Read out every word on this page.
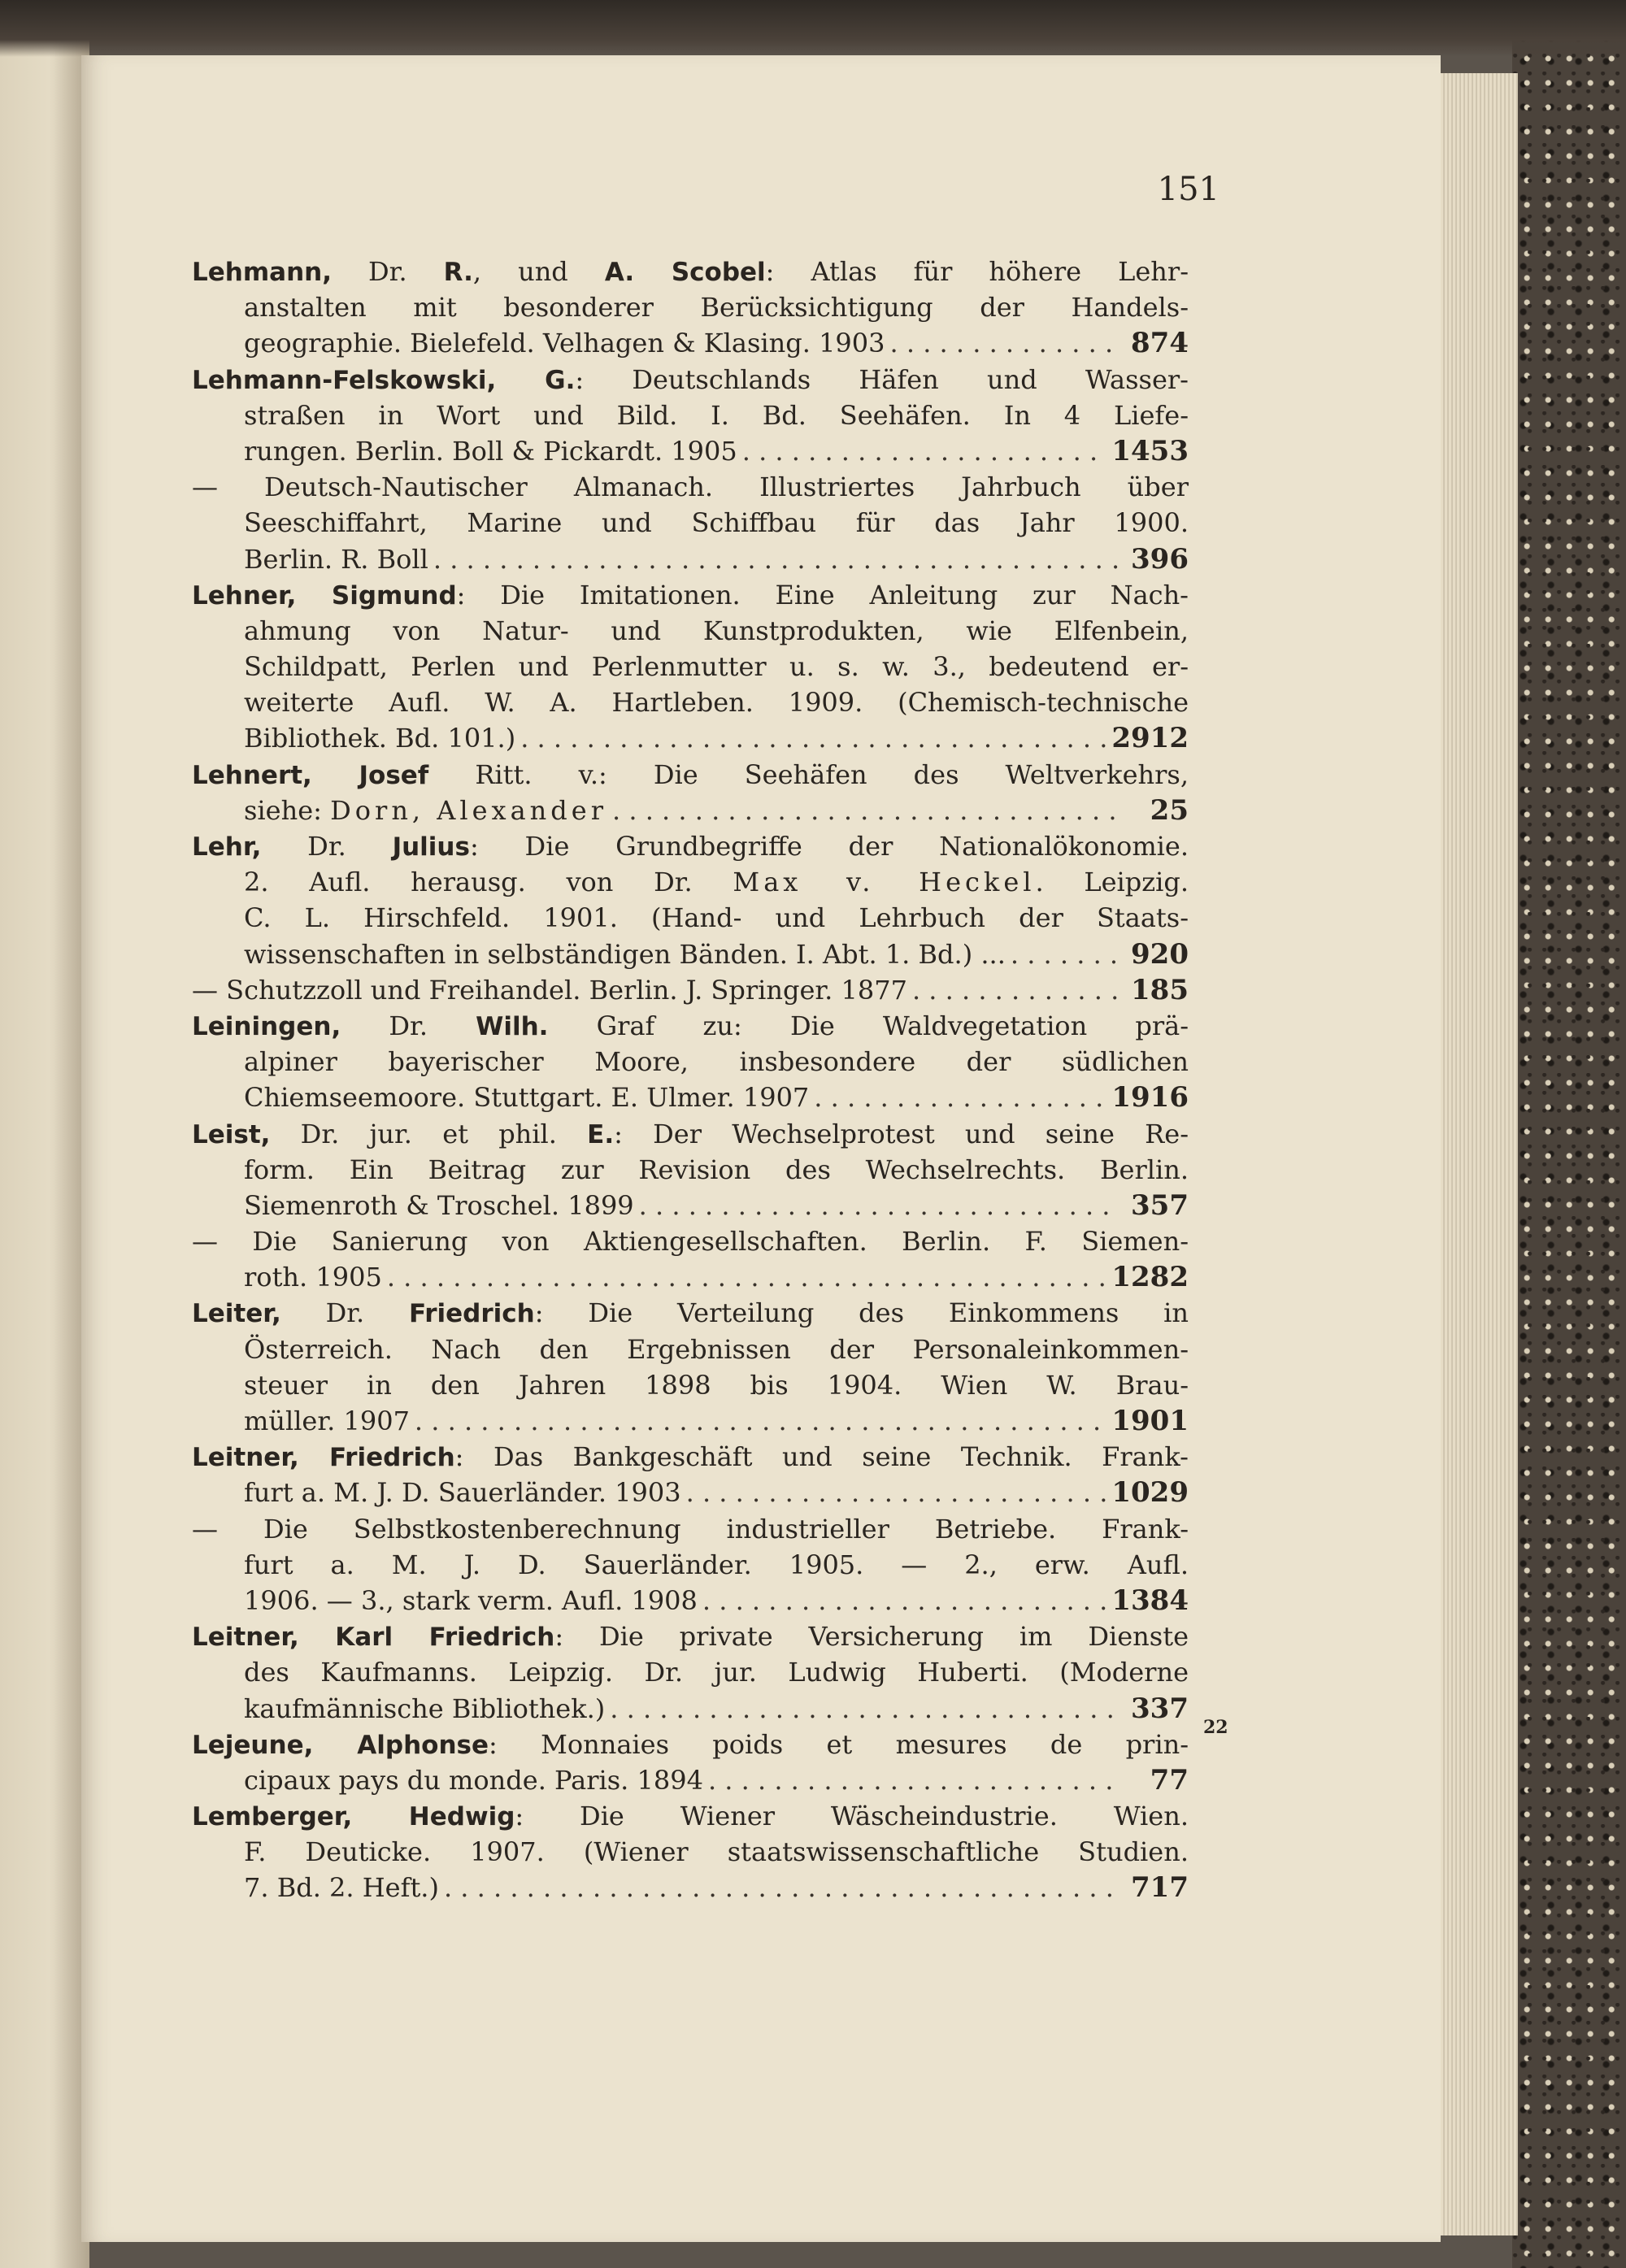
151
Lehmann, Dr. R., und A. Scobel: Atlas für höhere Lehr-
anstalten mit besonderer Berücksichtigung der Handels-
geographie. Bielefeld. Velhagen & Klasing. 1903 . . .	874
Lehmann-Felskowski, G.: Deutschlands Häfen und Wasser-
straßen in Wort und Bild. I. Bd. Seehäfen. In 4 Liefe-
rungen. Berlin. Boll & Pickardt. 1905 . . .	1453
— Deutsch-Nautischer Almanach. Illustriertes Jahrbuch über
Seeschiffahrt, Marine und Schiffbau für das Jahr 1900.
Berlin. R. Boll . . .	396
Lehner, Sigmund: Die Imitationen. Eine Anleitung zur Nach-
ahmung von Natur- und Kunstprodukten, wie Elfenbein,
Schildpatt, Perlen und Perlenmutter u. s. w. 3., bedeutend er-
weiterte Aufl. W. A. Hartleben. 1909. (Chemisch-technische
Bibliothek. Bd. 101.) . . .	2912
Lehnert, Josef Ritt. v.: Die Seehäfen des Weltverkehrs,
siehe: Dorn, Alexander . . .	25
Lehr, Dr. Julius: Die Grundbegriffe der Nationalökonomie.
2. Aufl. herausg. von Dr. Max v. Heckel. Leipzig.
C. L. Hirschfeld. 1901. (Hand- und Lehrbuch der Staats-
wissenschaften in selbständigen Bänden. I. Abt. 1. Bd.) ... . . .	920
— Schutzzoll und Freihandel. Berlin. J. Springer. 1877 . . .	185
Leiningen, Dr. Wilh. Graf zu: Die Waldvegetation prä-
alpiner bayerischer Moore, insbesondere der südlichen
Chiemseemoore. Stuttgart. E. Ulmer. 1907 . . .	1916
Leist, Dr. jur. et phil. E.: Der Wechselprotest und seine Re-
form. Ein Beitrag zur Revision des Wechselrechts. Berlin.
Siemenroth & Troschel. 1899 . . .	357
— Die Sanierung von Aktiengesellschaften. Berlin. F. Siemen-
roth. 1905 . . .	1282
Leiter, Dr. Friedrich: Die Verteilung des Einkommens in
Österreich. Nach den Ergebnissen der Personaleinkommen-
steuer in den Jahren 1898 bis 1904. Wien W. Brau-
müller. 1907 . . .	1901
Leitner, Friedrich: Das Bankgeschäft und seine Technik. Frank-
furt a. M. J. D. Sauerländer. 1903 . . .	1029
— Die Selbstkostenberechnung industrieller Betriebe. Frank-
furt a. M. J. D. Sauerländer. 1905. — 2., erw. Aufl.
1906. — 3., stark verm. Aufl. 1908 . . .	1384
Leitner, Karl Friedrich: Die private Versicherung im Dienste
des Kaufmanns. Leipzig. Dr. jur. Ludwig Huberti. (Moderne
kaufmännische Bibliothek.) . . .	337
Lejeune, Alphonse: Monnaies poids et mesures de prin-
cipaux pays du monde. Paris. 1894 . . .	77
Lemberger, Hedwig: Die Wiener Wäscheindustrie. Wien.
F. Deuticke. 1907. (Wiener staatswissenschaftliche Studien.
7. Bd. 2. Heft.) . . .	717
22
